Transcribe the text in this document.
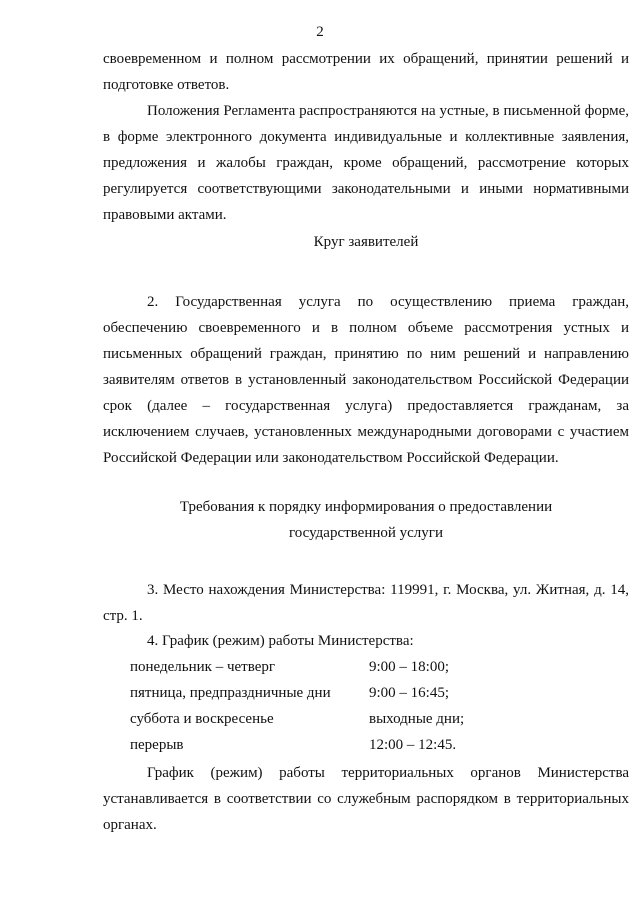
2
своевременном и полном рассмотрении их обращений, принятии решений и подготовке ответов.
Положения Регламента распространяются на устные, в письменной форме, в форме электронного документа индивидуальные и коллективные заявления, предложения и жалобы граждан, кроме обращений, рассмотрение которых регулируется соответствующими законодательными и иными нормативными правовыми актами.
Круг заявителей
2. Государственная услуга по осуществлению приема граждан, обеспечению своевременного и в полном объеме рассмотрения устных и письменных обращений граждан, принятию по ним решений и направлению заявителям ответов в установленный законодательством Российской Федерации срок (далее – государственная услуга) предоставляется гражданам, за исключением случаев, установленных международными договорами с участием Российской Федерации или законодательством Российской Федерации.
Требования к порядку информирования о предоставлении
государственной услуги
3. Место нахождения Министерства: 119991, г. Москва, ул. Житная, д. 14, стр. 1.
4. График (режим) работы Министерства:
понедельник – четверг	9:00 – 18:00;
пятница, предпраздничные дни	9:00 – 16:45;
суббота и воскресенье	выходные дни;
перерыв	12:00 – 12:45.
График (режим) работы территориальных органов Министерства устанавливается в соответствии со служебным распорядком в территориальных органах.
